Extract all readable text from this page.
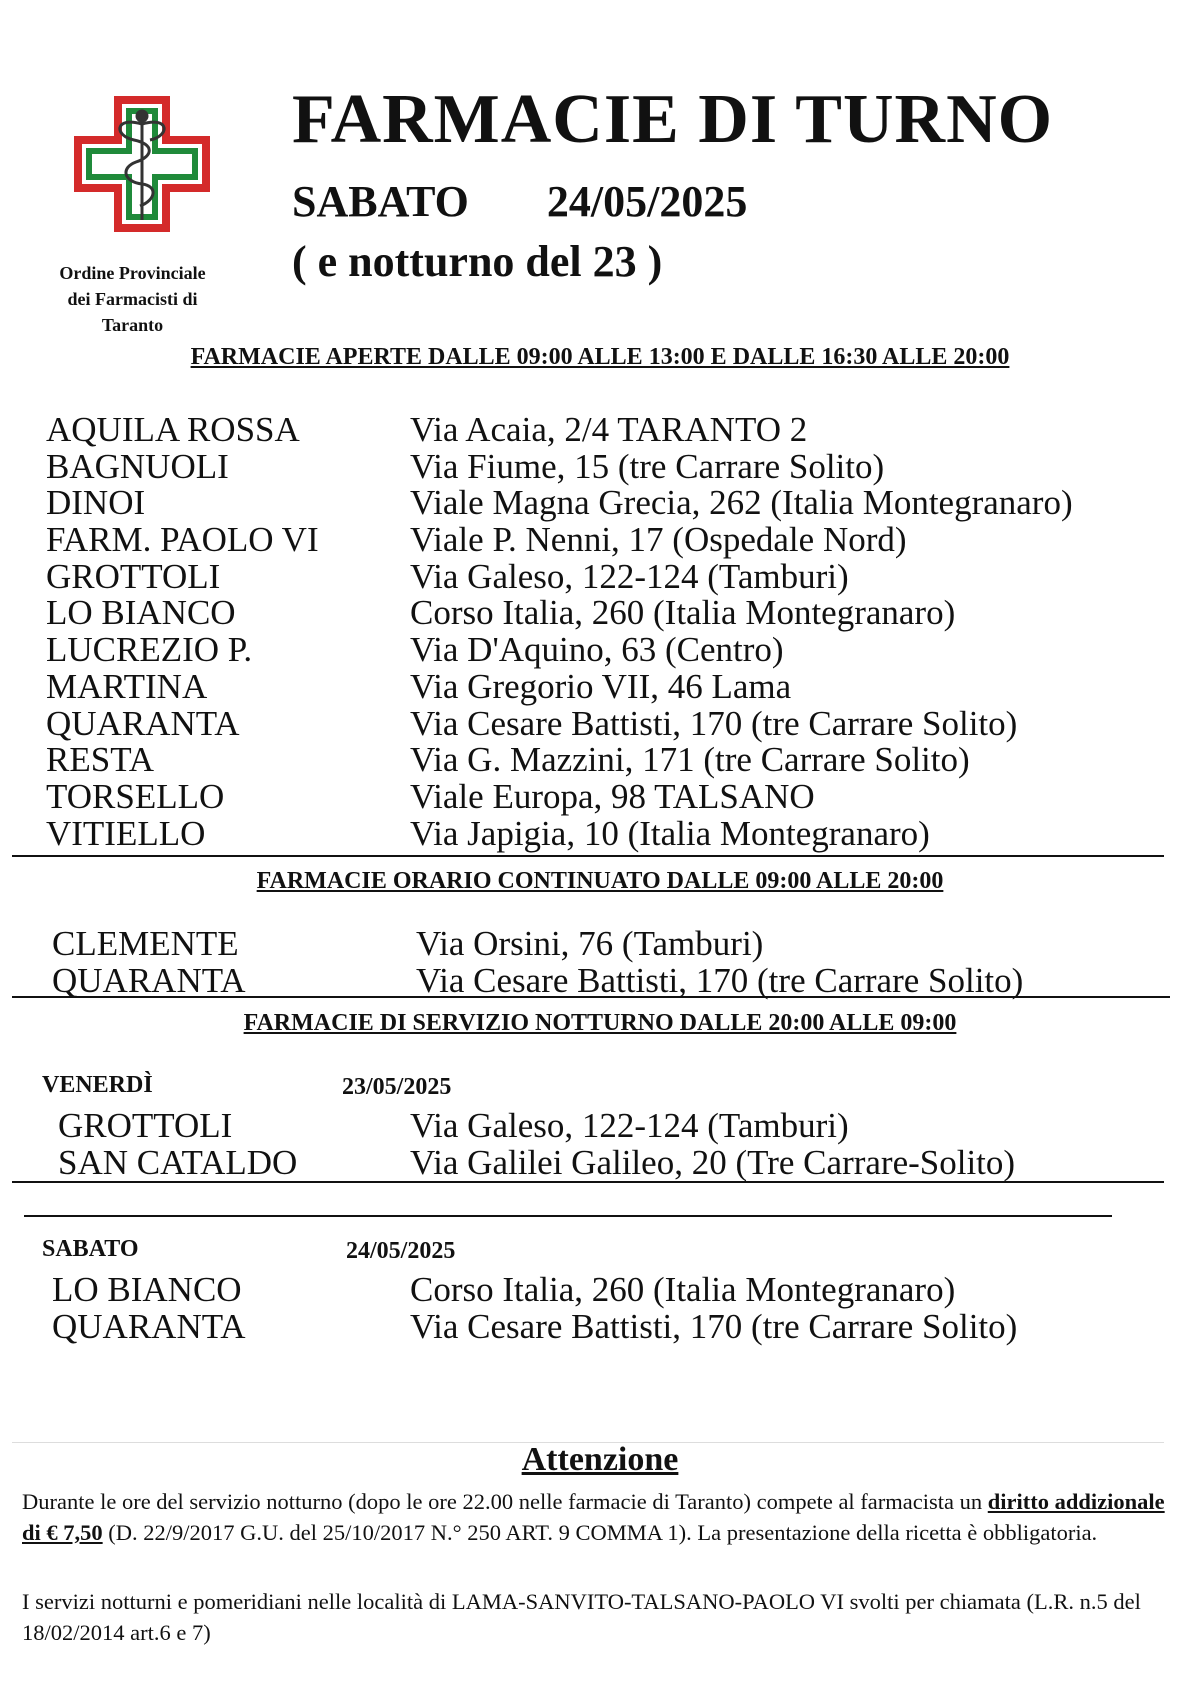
Ordine Provinciale
dei Farmacisti di
Taranto
FARMACIE DI TURNO
SABATO 24/05/2025
( e notturno del 23 )
FARMACIE APERTE DALLE 09:00 ALLE 13:00 E DALLE 16:30 ALLE 20:00
AQUILA ROSSA	Via Acaia, 2/4 TARANTO 2
BAGNUOLI	Via Fiume, 15 (tre Carrare Solito)
DINOI	Viale Magna Grecia, 262 (Italia Montegranaro)
FARM. PAOLO VI	Viale P. Nenni, 17 (Ospedale Nord)
GROTTOLI	Via Galeso, 122-124 (Tamburi)
LO BIANCO	Corso Italia, 260 (Italia Montegranaro)
LUCREZIO P.	Via D'Aquino, 63 (Centro)
MARTINA	Via Gregorio VII, 46 Lama
QUARANTA	Via Cesare Battisti, 170 (tre Carrare Solito)
RESTA	Via G. Mazzini, 171 (tre Carrare Solito)
TORSELLO	Viale Europa, 98 TALSANO
VITIELLO	Via Japigia, 10 (Italia Montegranaro)
FARMACIE ORARIO CONTINUATO DALLE 09:00 ALLE 20:00
CLEMENTE	Via Orsini, 76 (Tamburi)
QUARANTA	Via Cesare Battisti, 170 (tre Carrare Solito)
FARMACIE DI SERVIZIO NOTTURNO DALLE 20:00 ALLE 09:00
VENERDÌ	23/05/2025
GROTTOLI	Via Galeso, 122-124 (Tamburi)
SAN CATALDO	Via Galilei Galileo, 20 (Tre Carrare-Solito)
SABATO	24/05/2025
LO BIANCO	Corso Italia, 260 (Italia Montegranaro)
QUARANTA	Via Cesare Battisti, 170 (tre Carrare Solito)
Attenzione
Durante le ore del servizio notturno (dopo le ore 22.00 nelle farmacie di Taranto) compete al farmacista un diritto addizionale di € 7,50 (D. 22/9/2017 G.U. del 25/10/2017 N.° 250 ART. 9 COMMA 1). La presentazione della ricetta è obbligatoria.
I servizi notturni e pomeridiani nelle località di LAMA-SANVITO-TALSANO-PAOLO VI svolti per chiamata (L.R. n.5 del 18/02/2014 art.6 e 7)
